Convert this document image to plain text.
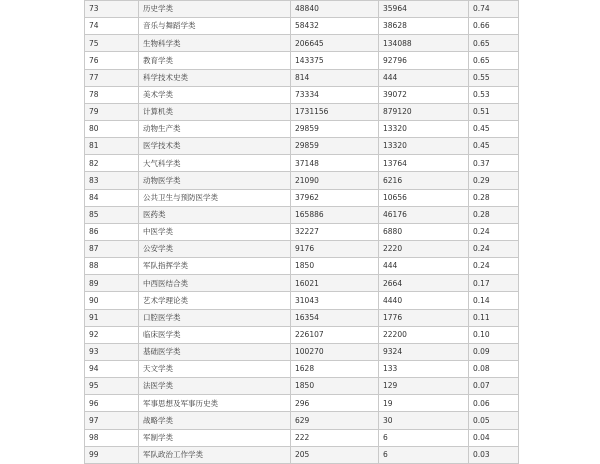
73	历史学类	48840	35964	0.74
74	音乐与舞蹈学类	58432	38628	0.66
75	生物科学类	206645	134088	0.65
76	教育学类	143375	92796	0.65
77	科学技术史类	814	444	0.55
78	美术学类	73334	39072	0.53
79	计算机类	1731156	879120	0.51
80	动物生产类	29859	13320	0.45
81	医学技术类	29859	13320	0.45
82	大气科学类	37148	13764	0.37
83	动物医学类	21090	6216	0.29
84	公共卫生与预防医学类	37962	10656	0.28
85	医药类	165886	46176	0.28
86	中医学类	32227	6880	0.24
87	公安学类	9176	2220	0.24
88	军队指挥学类	1850	444	0.24
89	中西医结合类	16021	2664	0.17
90	艺术学理论类	31043	4440	0.14
91	口腔医学类	16354	1776	0.11
92	临床医学类	226107	22200	0.10
93	基础医学类	100270	9324	0.09
94	天文学类	1628	133	0.08
95	法医学类	1850	129	0.07
96	军事思想及军事历史类	296	19	0.06
97	战略学类	629	30	0.05
98	军制学类	222	6	0.04
99	军队政治工作学类	205	6	0.03
